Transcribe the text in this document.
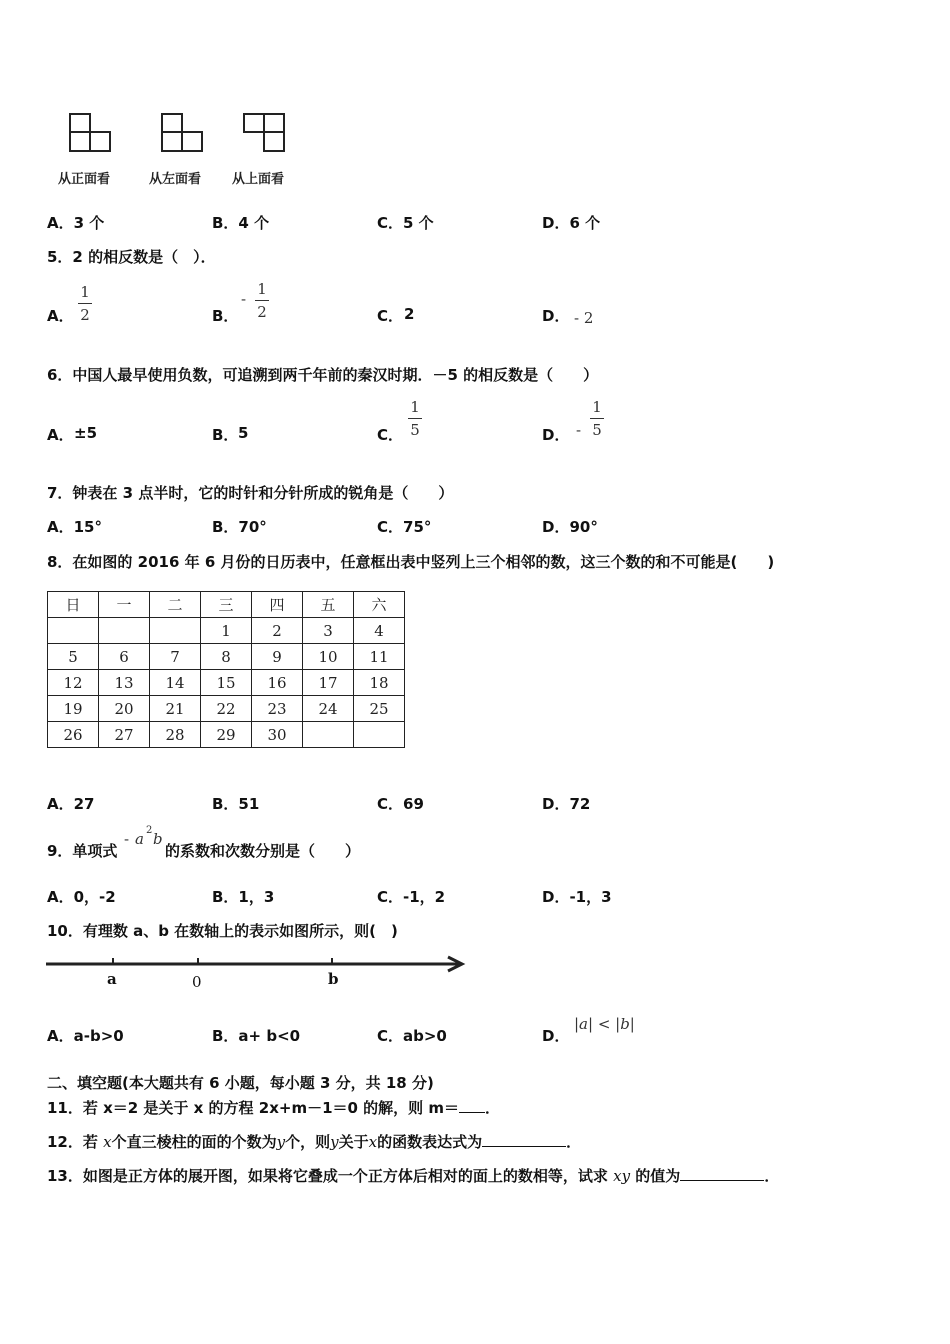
从正面看	从左面看 从上面看
A．3 个	B．4 个	C．5 个	D．6 个
5．2 的相反数是（　）．
A．
1
2	B．
-
1
2	C． 2	D． - 2
6．中国人最早使用负数，可追溯到两千年前的秦汉时期．－5 的相反数是（　　）
A． ±5	B． 5	C．
1
5	D． -
1
5
7．钟表在 3 点半时，它的时针和分针所成的锐角是（　　）
A．15°	B．70°	C．75°	D．90°
8．在如图的 2016 年 6 月份的日历表中，任意框出表中竖列上三个相邻的数，这三个数的和不可能是(　　)
日	一	二	三	四	五	六
			1	2	3	4
5	6	7	8	9	10	11
12	13	14	15	16	17	18
19	20	21	22	23	24	25
26	27	28	29	30		
A．27	B．51	C．69	D．72
9．单项式
- a 2 b
的系数和次数分别是（　　）
A．0，-2	B．1，3	C．-1，2	D．-1，3
10．有理数 a、b 在数轴上的表示如图所示，则(　)
a	0	b
A．a-b>0	B．a+ b<0	C．ab>0	D．
|a| < |b|
二、填空题(本大题共有 6 小题，每小题 3 分，共 18 分)
11．若 x＝2 是关于 x 的方程 2x+m－1＝0 的解，则 m＝ ．
12．若 x个直三棱柱的面的个数为y个，则y关于x的函数表达式为	．
13．如图是正方体的展开图，如果将它叠成一个正方体后相对的面上的数相等，试求 xy 的值为	．
